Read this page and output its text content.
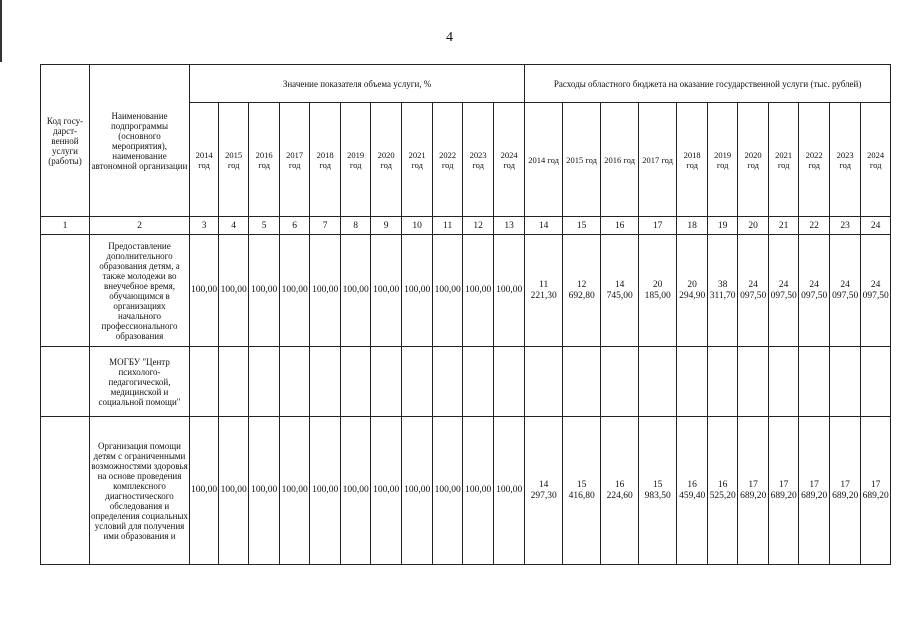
4
Код госу-дарст-венной услуги (работы)	Наименование подпрограммы (основного мероприятия), наименование автономной организации	Значение показателя объема услуги, %											Расходы областного бюджета на оказание государственной услуги (тыс. рублей)										
		2014 год	2015 год	2016 год	2017 год	2018 год	2019 год	2020 год	2021 год	2022 год	2023 год	2024 год	2014 год	2015 год	2016 год	2017 год	2018 год	2019 год	2020 год	2021 год	2022 год	2023 год	2024 год
1	2	3	4	5	6	7	8	9	10	11	12	13	14	15	16	17	18	19	20	21	22	23	24
	Предоставление дополнительного образования детям, а также молодежи во внеучебное время, обучающимся в организациях начального профессионального образования	100,00	100,00	100,00	100,00	100,00	100,00	100,00	100,00	100,00	100,00	100,00	11 221,30	12 692,80	14 745,00	20 185,00	20 294,90	38 311,70	24 097,50	24 097,50	24 097,50	24 097,50	24 097,50
	МОГБУ "Центр психолого-педагогической, медицинской и социальной помощи"																						
	Организация помощи детям с ограниченными возможностями здоровья на основе проведения комплексного диагностического обследования и определения социальных условий для получения ими образования и	100,00	100,00	100,00	100,00	100,00	100,00	100,00	100,00	100,00	100,00	100,00	14 297,30	15 416,80	16 224,60	15 983,50	16 459,40	16 525,20	17 689,20	17 689,20	17 689,20	17 689,20	17 689,20
